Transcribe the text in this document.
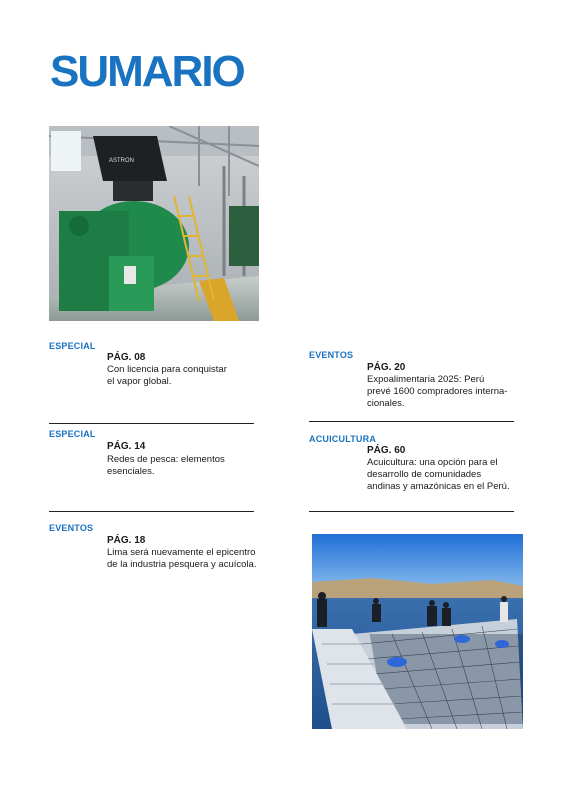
SUMARIO
ASTRON
ESPECIAL
PÁG. 08
Con licencia para conquistar
el vapor global.
ESPECIAL
PÁG. 14
Redes de pesca: elementos
esenciales.
EVENTOS
PÁG. 18
Lima será nuevamente el epicentro
de la industria pesquera y acuícola.
EVENTOS
PÁG. 20
Expoalimentaria 2025: Perú
prevé 1600 compradores interna-
cionales.
ACUICULTURA
PÁG. 60
Acuicultura: una opción para el
desarrollo de comunidades
andinas y amazónicas en el Perú.
